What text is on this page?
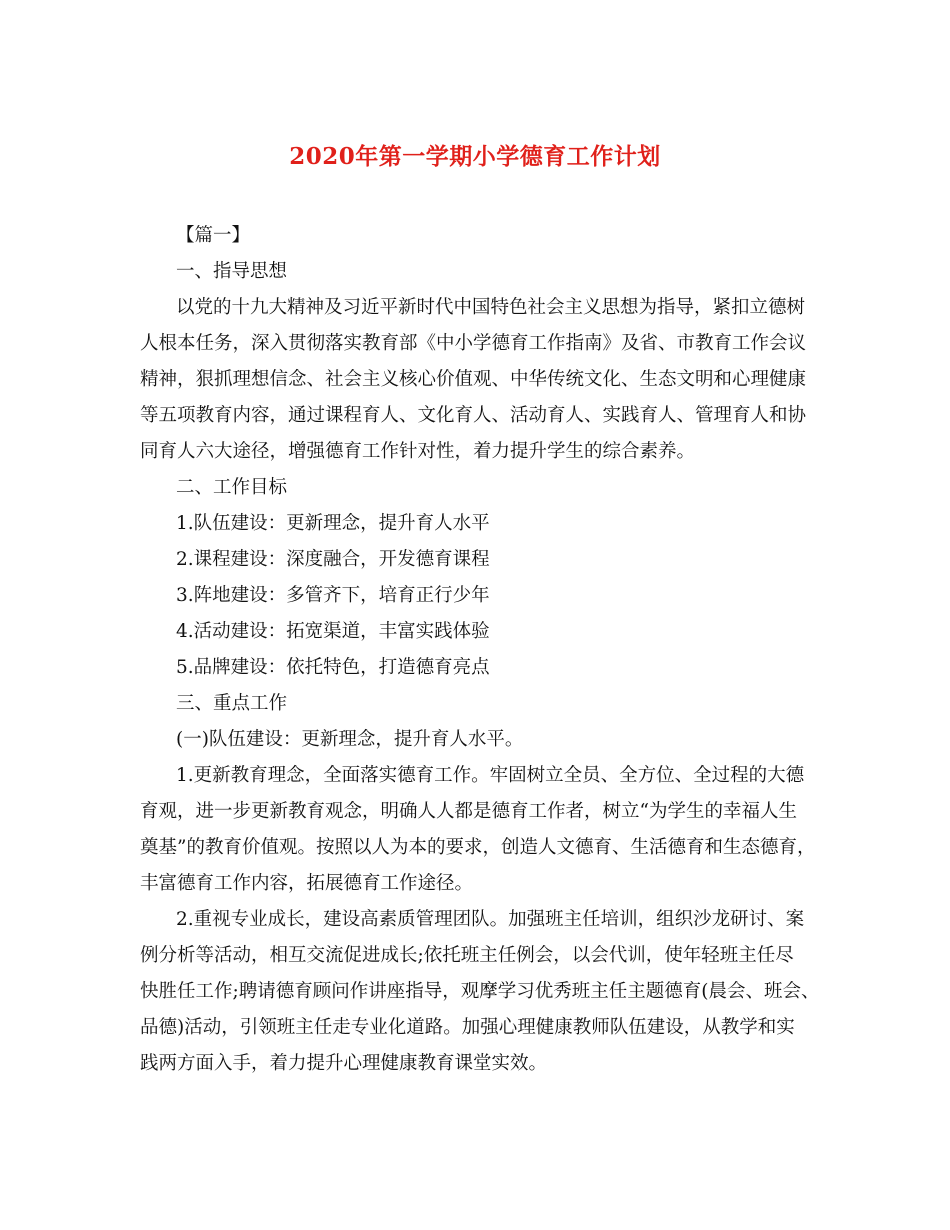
2020年第一学期小学德育工作计划
【篇一】
一、指导思想
以党的十九大精神及习近平新时代中国特色社会主义思想为指导，紧扣立德树
人根本任务，深入贯彻落实教育部《中小学德育工作指南》及省、市教育工作会议
精神，狠抓理想信念、社会主义核心价值观、中华传统文化、生态文明和心理健康
等五项教育内容，通过课程育人、文化育人、活动育人、实践育人、管理育人和协
同育人六大途径，增强德育工作针对性，着力提升学生的综合素养。
二、工作目标
1.队伍建设：更新理念，提升育人水平
2.课程建设：深度融合，开发德育课程
3.阵地建设：多管齐下，培育正行少年
4.活动建设：拓宽渠道，丰富实践体验
5.品牌建设：依托特色，打造德育亮点
三、重点工作
(一)队伍建设：更新理念，提升育人水平。
1.更新教育理念，全面落实德育工作。牢固树立全员、全方位、全过程的大德
育观，进一步更新教育观念，明确人人都是德育工作者，树立“为学生的幸福人生
奠基”的教育价值观。按照以人为本的要求，创造人文德育、生活德育和生态德育，
丰富德育工作内容，拓展德育工作途径。
2.重视专业成长，建设高素质管理团队。加强班主任培训，组织沙龙研讨、案
例分析等活动，相互交流促进成长;依托班主任例会，以会代训，使年轻班主任尽
快胜任工作;聘请德育顾问作讲座指导，观摩学习优秀班主任主题德育(晨会、班会、
品德)活动，引领班主任走专业化道路。加强心理健康教师队伍建设，从教学和实
践两方面入手，着力提升心理健康教育课堂实效。
